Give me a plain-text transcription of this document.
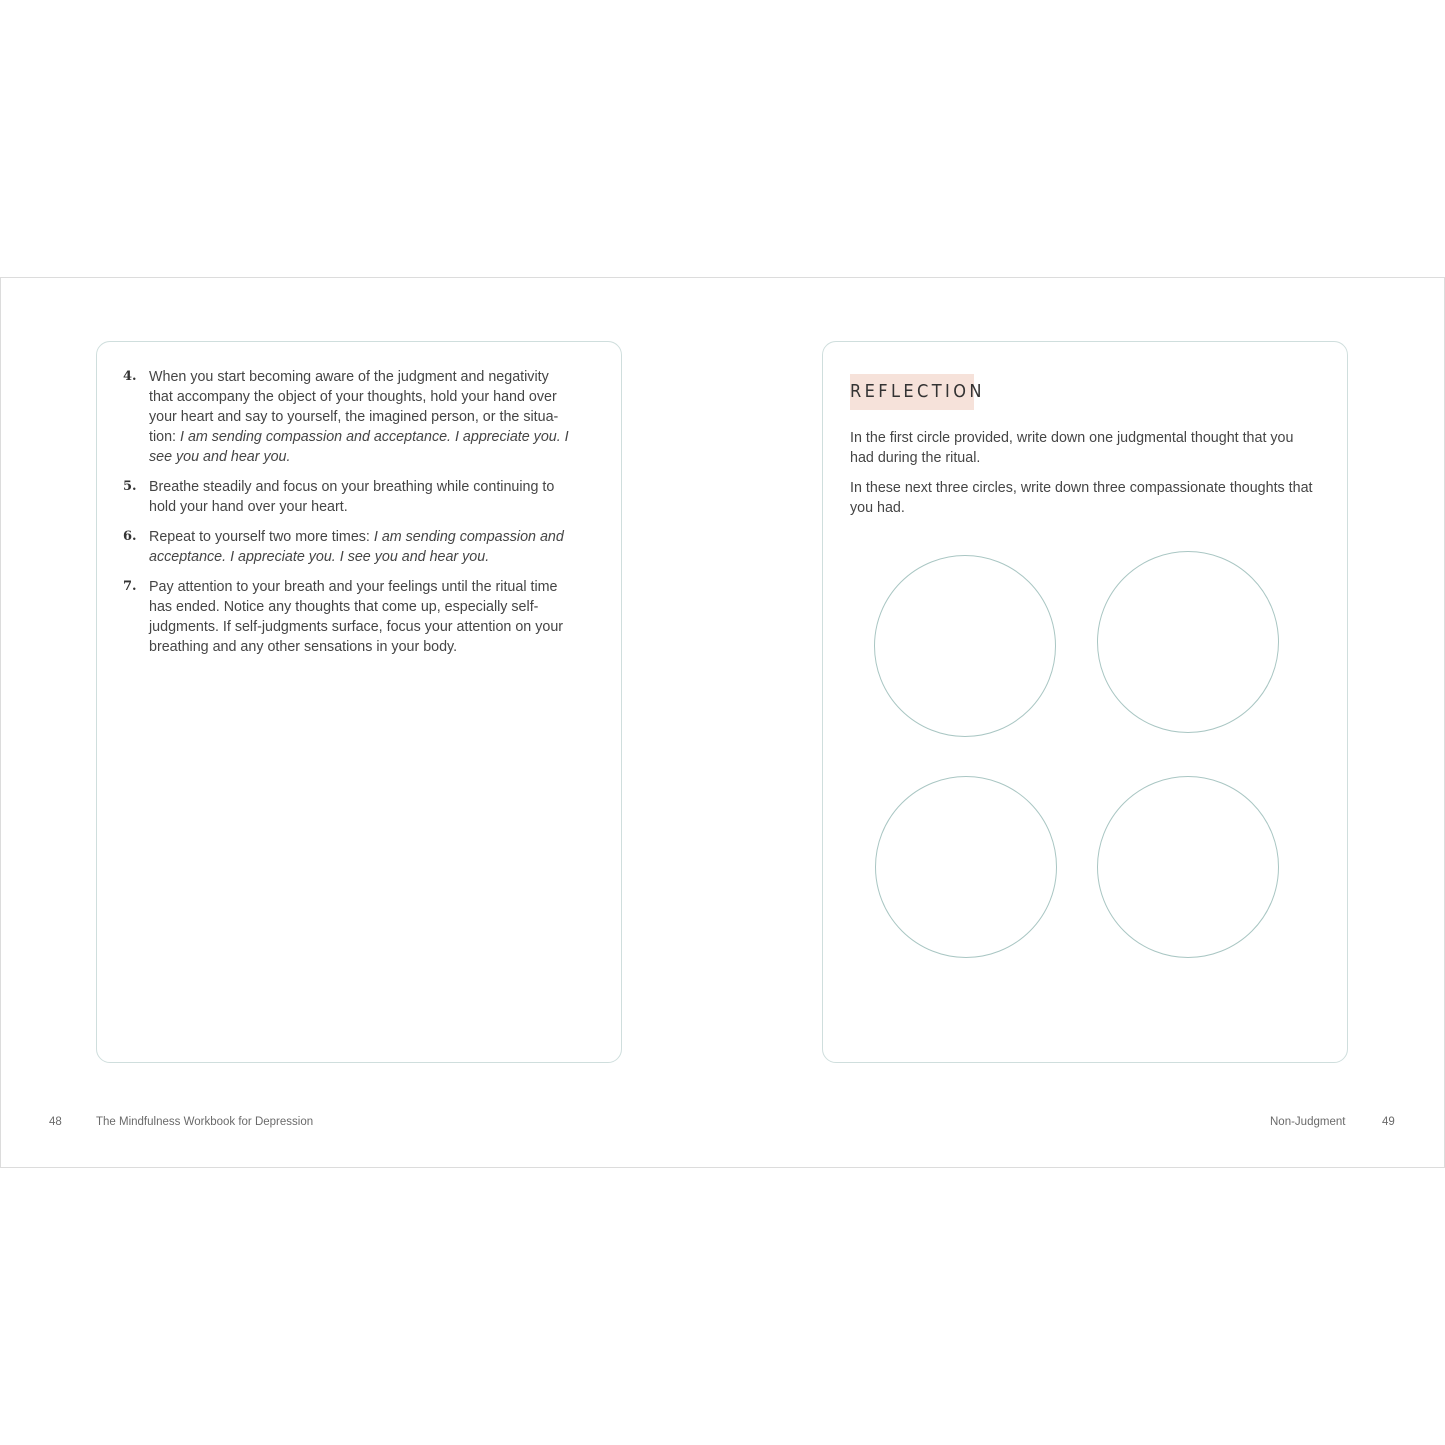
4. When you start becoming aware of the judgment and negativity that accompany the object of your thoughts, hold your hand over your heart and say to yourself, the imagined person, or the situa-tion: I am sending compassion and acceptance. I appreciate you. I see you and hear you.
5. Breathe steadily and focus on your breathing while continuing to hold your hand over your heart.
6. Repeat to yourself two more times: I am sending compassion and acceptance. I appreciate you. I see you and hear you.
7. Pay attention to your breath and your feelings until the ritual time has ended. Notice any thoughts that come up, especially self-judgments. If self-judgments surface, focus your attention on your breathing and any other sensations in your body.
REFLECTION

In the first circle provided, write down one judgmental thought that you had during the ritual.

In these next three circles, write down three compassionate thoughts that you had.

48	The Mindfulness Workbook for Depression	Non-Judgment	49
